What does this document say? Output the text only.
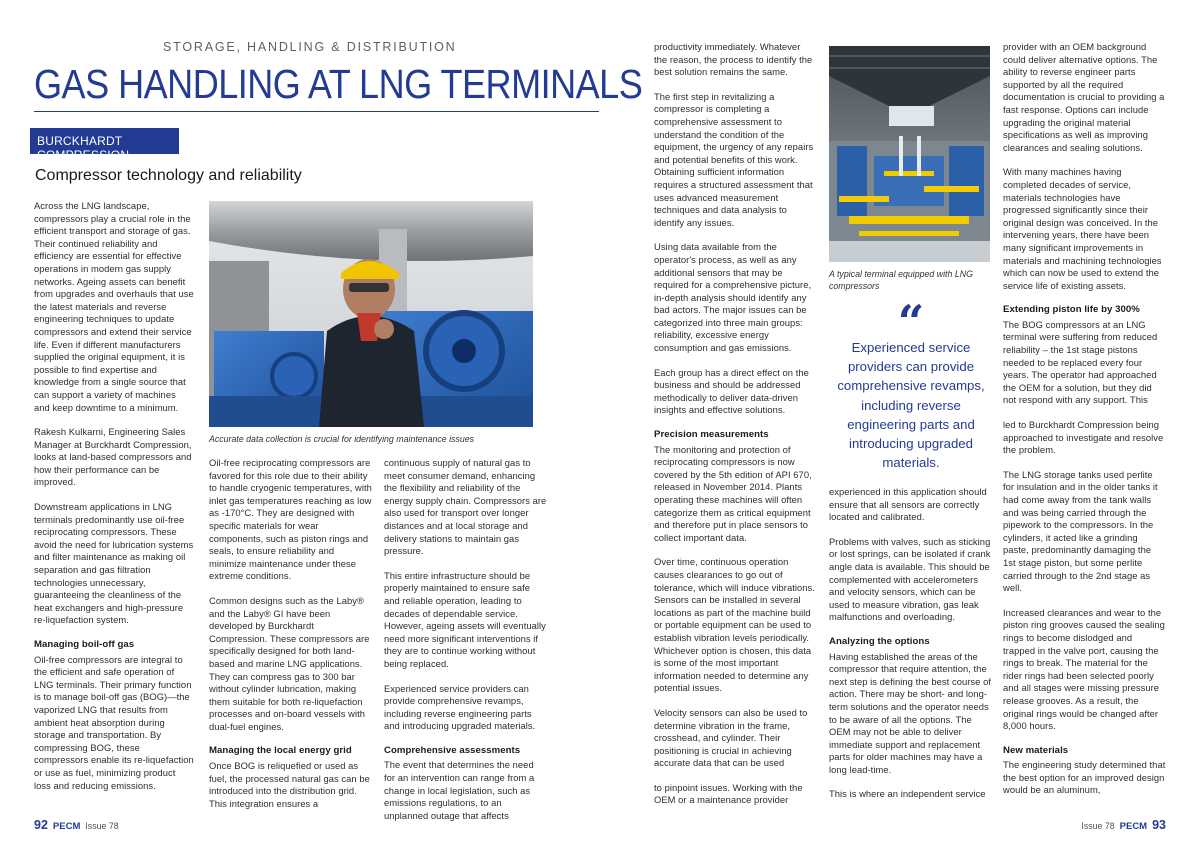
STORAGE, HANDLING & DISTRIBUTION
GAS HANDLING AT LNG TERMINALS
BURCKHARDT COMPRESSION
Compressor technology and reliability
Accurate data collection is crucial for identifying maintenance issues

Across the LNG landscape, compressors play a crucial role in the efficient transport and storage of gas. Their continued reliability and efficiency are essential for effective operations in modern gas supply networks. Ageing assets can benefit from upgrades and overhauls that use the latest materials and reverse engineering techniques to update compressors and extend their service life. Even if different manufacturers supplied the original equipment, it is possible to find expertise and knowledge from a single source that can support a variety of machines and keep downtime to a minimum.

Rakesh Kulkarni, Engineering Sales Manager at Burckhardt Compression, looks at land-based compressors and how their performance can be improved.

Downstream applications in LNG terminals predominantly use oil-free reciprocating compressors. These avoid the need for lubrication systems and filter maintenance as making oil separation and gas filtration technologies unnecessary, guaranteeing the cleanliness of the heat exchangers and high-pressure re-liquefaction system.

Managing boil-off gas

Oil-free compressors are integral to the efficient and safe operation of LNG terminals. Their primary function is to manage boil-off gas (BOG)—the vaporized LNG that results from ambient heat absorption during storage and transportation. By compressing BOG, these compressors enable its re-liquefaction or use as fuel, minimizing product loss and reducing emissions.

Oil-free reciprocating compressors are favored for this role due to their ability to handle cryogenic temperatures, with inlet gas temperatures reaching as low as -170°C. They are designed with specific materials for wear components, such as piston rings and seals, to ensure reliability and minimize maintenance under these extreme conditions.

Common designs such as the Laby® and the Laby® GI have been developed by Burckhardt Compression. These compressors are specifically designed for both land-based and marine LNG applications. They can compress gas to 300 bar without cylinder lubrication, making them suitable for both re-liquefaction processes and on-board vessels with dual-fuel engines.

Managing the local energy grid

Once BOG is reliquefied or used as fuel, the processed natural gas can be introduced into the distribution grid. This integration ensures a

continuous supply of natural gas to meet consumer demand, enhancing the flexibility and reliability of the energy supply chain. Compressors are also used for transport over longer distances and at local storage and delivery stations to maintain gas pressure.

This entire infrastructure should be properly maintained to ensure safe and reliable operation, leading to decades of dependable service. However, ageing assets will eventually need more significant interventions if they are to continue working without being replaced.

Experienced service providers can provide comprehensive revamps, including reverse engineering parts and introducing upgraded materials.

Comprehensive assessments

The event that determines the need for an intervention can range from a change in local legislation, such as emissions regulations, to an unplanned outage that affects

productivity immediately. Whatever the reason, the process to identify the best solution remains the same.

The first step in revitalizing a compressor is completing a comprehensive assessment to understand the condition of the equipment, the urgency of any repairs and potential benefits of this work. Obtaining sufficient information requires a structured assessment that uses advanced measurement techniques and data analysis to identify any issues.

Using data available from the operator's process, as well as any additional sensors that may be required for a comprehensive picture, in-depth analysis should identify any bad actors. The major issues can be categorized into three main groups: reliability, excessive energy consumption and gas emissions.

Each group has a direct effect on the business and should be addressed methodically to deliver data-driven insights and effective solutions.

Precision measurements

The monitoring and protection of reciprocating compressors is now covered by the 5th edition of API 670, released in November 2014. Plants operating these machines will often categorize them as critical equipment and therefore put in place sensors to collect important data.

Over time, continuous operation causes clearances to go out of tolerance, which will induce vibrations. Sensors can be installed in several locations as part of the machine build or portable equipment can be used to establish vibration levels periodically. Whichever option is chosen, this data is some of the most important information needed to determine any potential issues.

Velocity sensors can also be used to determine vibration in the frame, crosshead, and cylinder. Their positioning is crucial in achieving accurate data that can be used

to pinpoint issues. Working with the OEM or a maintenance provider

A typical terminal equipped with LNG compressors
“
Experienced service providers can provide comprehensive revamps, including reverse engineering parts and introducing upgraded materials.

experienced in this application should ensure that all sensors are correctly located and calibrated.

Problems with valves, such as sticking or lost springs, can be isolated if crank angle data is available. This should be complemented with accelerometers and velocity sensors, which can be used to measure vibration, gas leak malfunctions and overloading.

Analyzing the options

Having established the areas of the compressor that require attention, the next step is defining the best course of action. There may be short- and long-term solutions and the operator needs to be aware of all the options. The OEM may not be able to deliver immediate support and replacement parts for older machines may have a long lead-time.

This is where an independent service

provider with an OEM background could deliver alternative options. The ability to reverse engineer parts supported by all the required documentation is crucial to providing a fast response. Options can include upgrading the original material specifications as well as improving clearances and sealing solutions.

With many machines having completed decades of service, materials technologies have progressed significantly since their original design was conceived. In the intervening years, there have been many significant improvements in materials and machining technologies which can now be used to extend the service life of existing assets.

Extending piston life by 300%

The BOG compressors at an LNG terminal were suffering from reduced reliability – the 1st stage pistons needed to be replaced every four years. The operator had approached the OEM for a solution, but they did not respond with any support. This

led to Burckhardt Compression being approached to investigate and resolve the problem.

The LNG storage tanks used perlite for insulation and in the older tanks it had come away from the tank walls and was being carried through the pipework to the compressors. In the cylinders, it acted like a grinding paste, predominantly damaging the 1st stage piston, but some perlite carried through to the 2nd stage as well.

Increased clearances and wear to the piston ring grooves caused the sealing rings to become dislodged and trapped in the valve port, causing the rings to break. The material for the rider rings had been selected poorly and all stages were missing pressure release grooves. As a result, the original rings would be changed after 8,000 hours.

New materials

The engineering study determined that the best option for an improved design would be an aluminum,

92 PECM Issue 78	Issue 78 PECM 93
